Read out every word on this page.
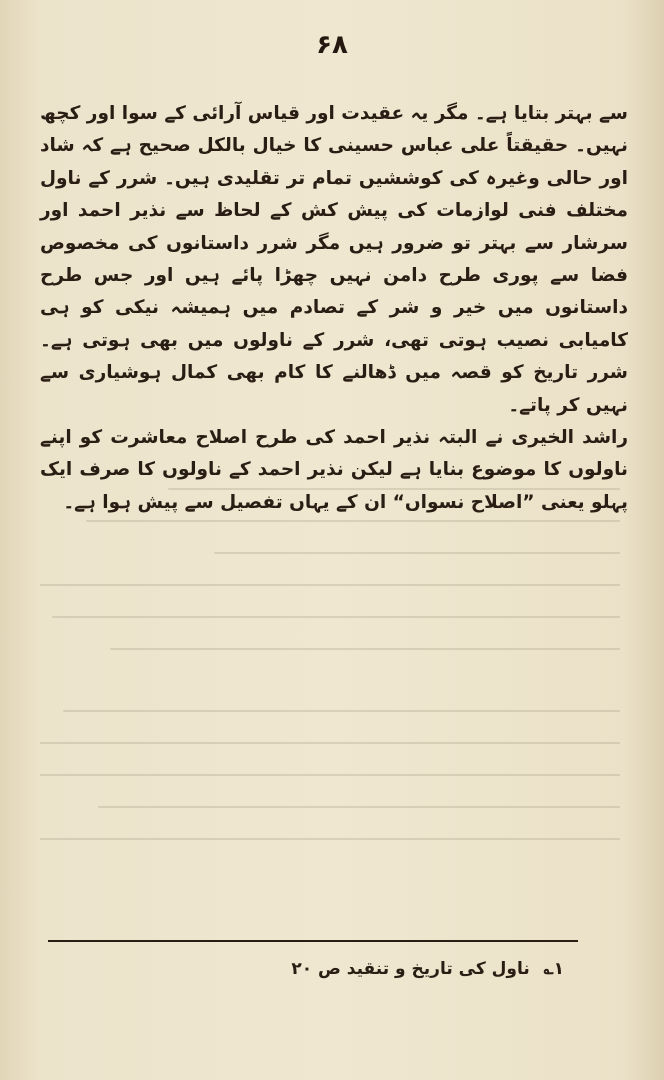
۶۸

سے بہتر بتایا ہے۔ مگر یہ عقیدت اور قیاس آرائی کے سوا اور کچھ نہیں۔ حقیقتاً علی عباس حسینی کا خیال بالکل صحیح ہے کہ شاد اور حالی وغیرہ کی کوششیں تمام تر تقلیدی ہیں۔ شرر کے ناول مختلف فنی لوازمات کی پیش کش کے لحاظ سے نذیر احمد اور سرشار سے بہتر تو ضرور ہیں مگر شرر داستانوں کی مخصوص فضا سے پوری طرح دامن نہیں چھڑا پائے ہیں اور جس طرح داستانوں میں خیر و شر کے تصادم میں ہمیشہ نیکی کو ہی کامیابی نصیب ہوتی تھی، شرر کے ناولوں میں بھی ہوتی ہے۔ شرر تاریخ کو قصہ میں ڈھالنے کا کام بھی کمال ہوشیاری سے نہیں کر پاتے۔

راشد الخیری نے البتہ نذیر احمد کی طرح اصلاح معاشرت کو اپنے ناولوں کا موضوع بنایا ہے لیکن نذیر احمد کے ناولوں کا صرف ایک پہلو یعنی ”اصلاح نسواں“ ان کے یہاں تفصیل سے پیش ہوا ہے۔

۱؎ ناول کی تاریخ و تنقید ص ۲۰
